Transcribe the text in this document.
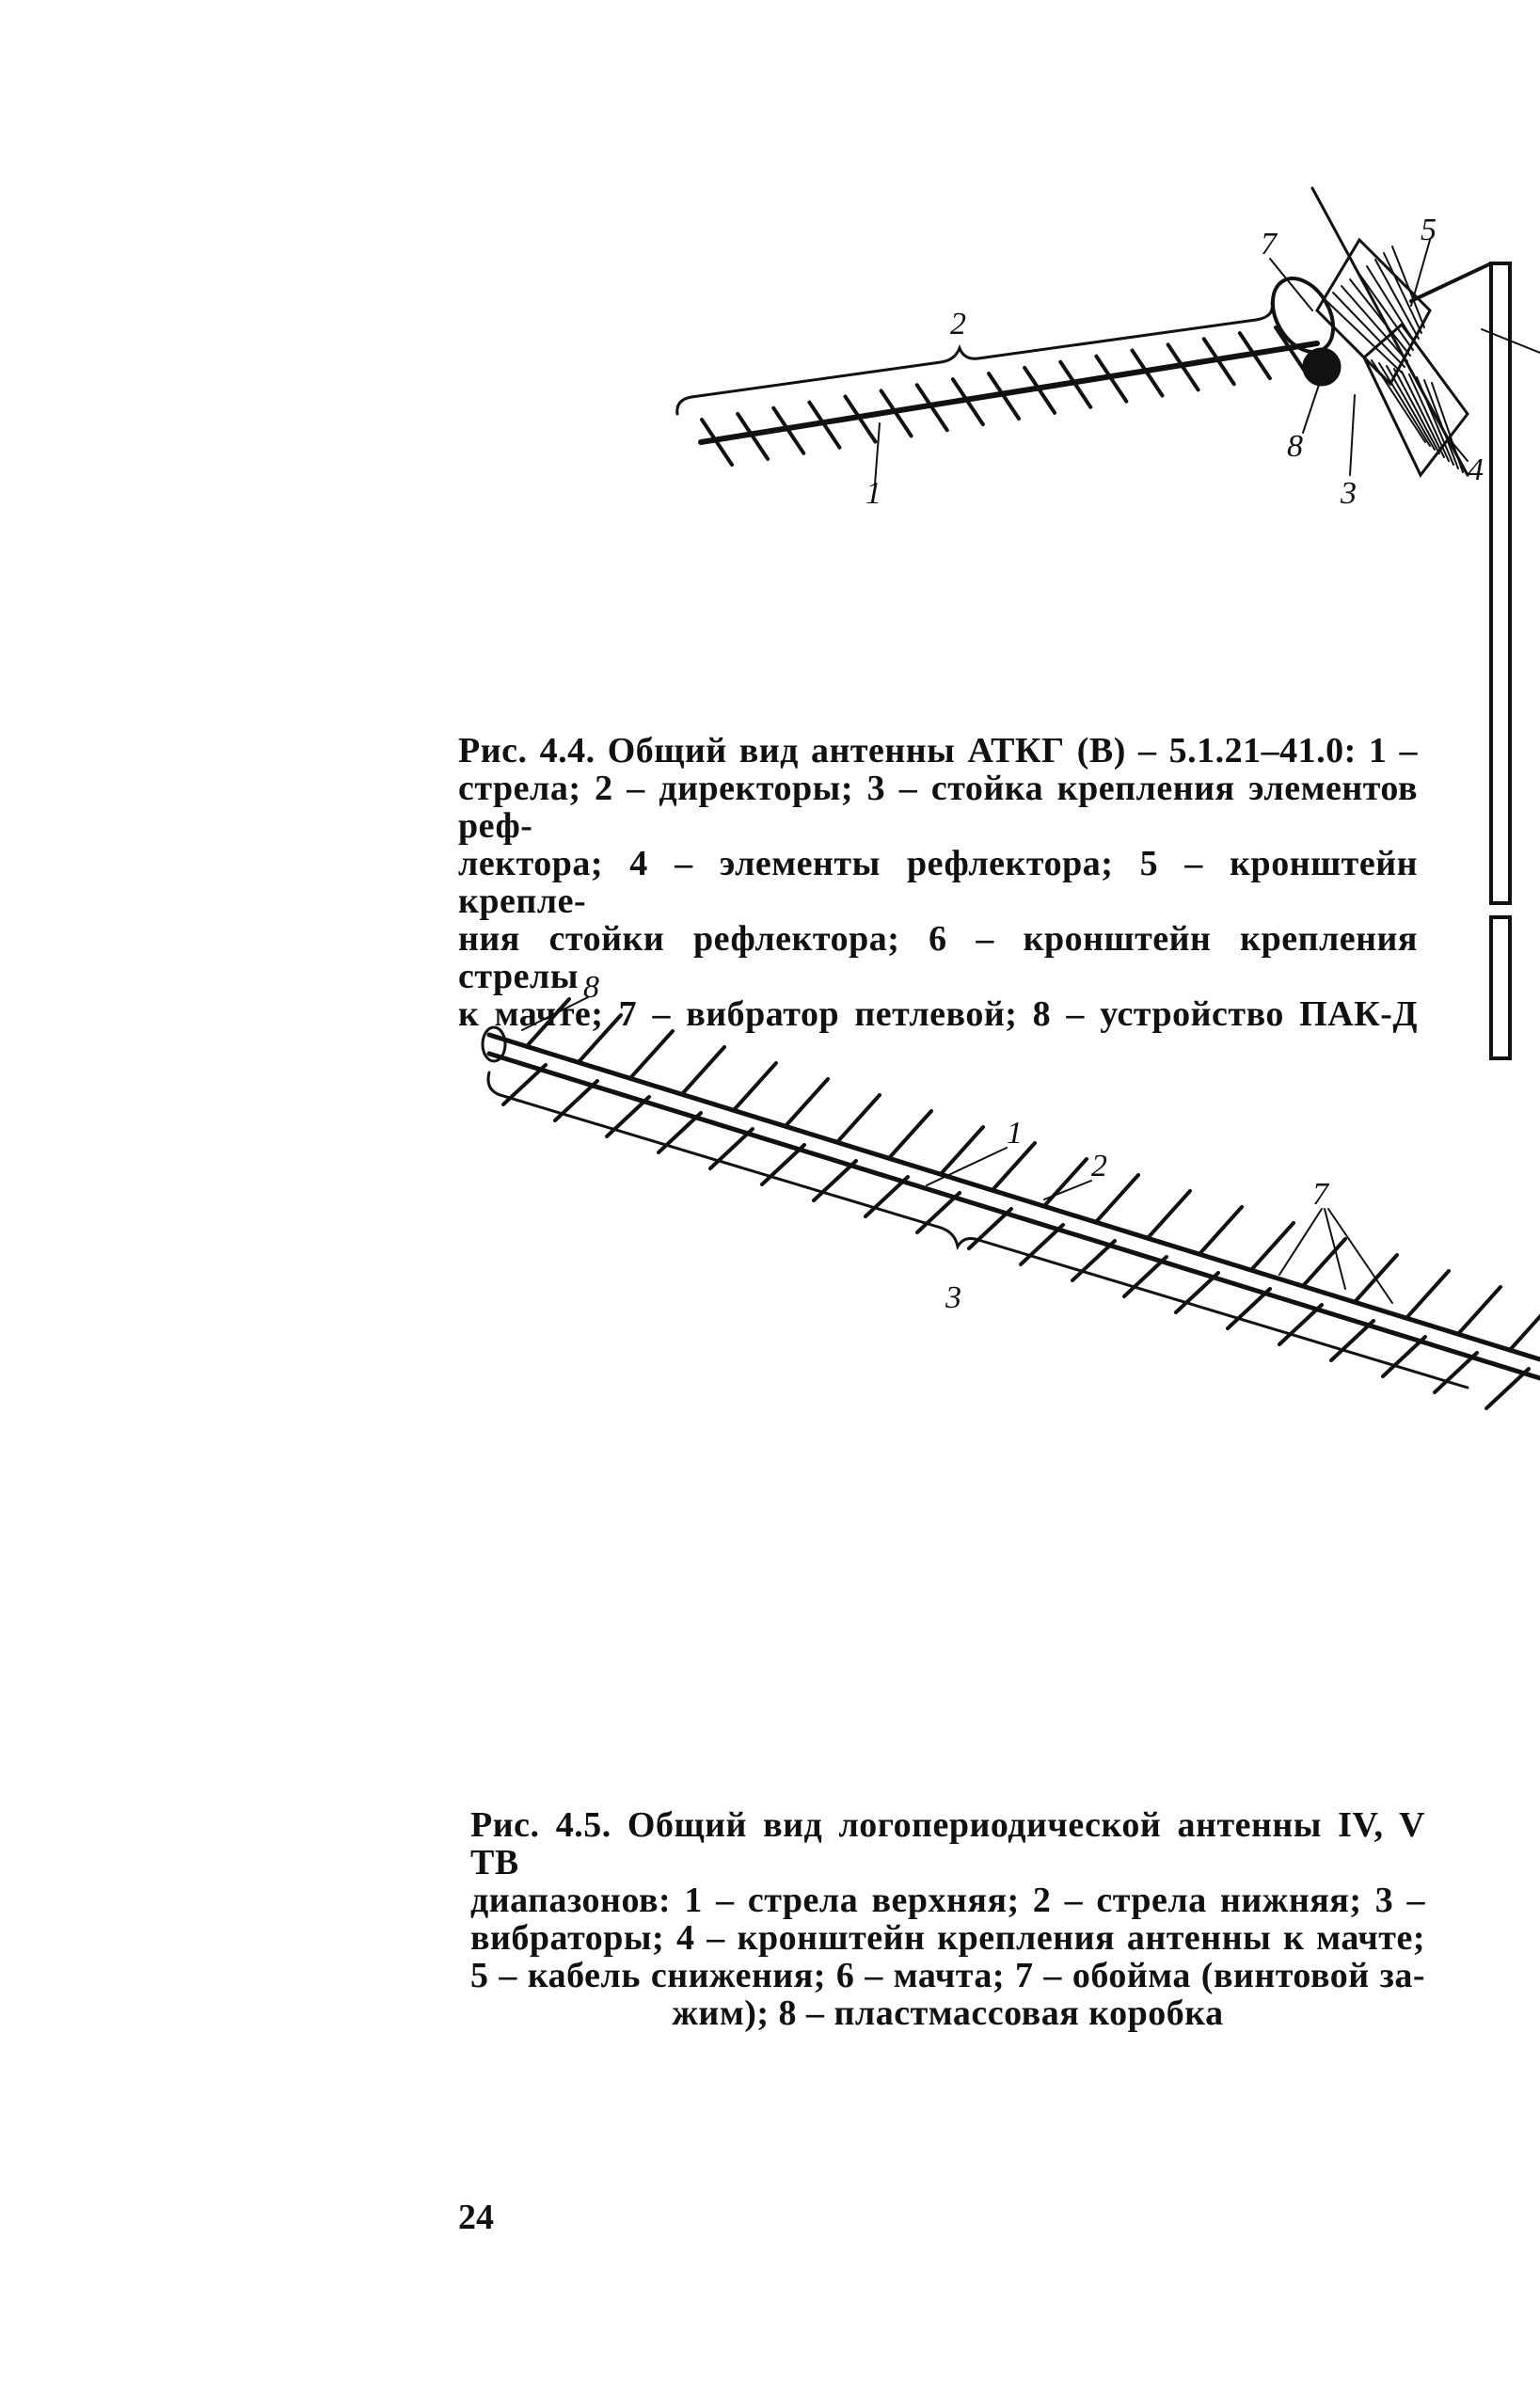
1
2
3
4
5
7
8

Рис. 4.4. Общий вид антенны АТКГ (В) – 5.1.21–41.0: 1 –

стрела; 2 – директоры; 3 – стойка крепления элементов реф-

лектора; 4 – элементы рефлектора; 5 – кронштейн крепле-

ния стойки рефлектора; 6 – кронштейн крепления стрелы

к мачте; 7 – вибратор петлевой; 8 – устройство ПАК-Д

8
1
2
3
7

Рис. 4.5. Общий вид логопериодической антенны IV, V ТВ

диапазонов: 1 – стрела верхняя; 2 – стрела нижняя; 3 –

вибраторы; 4 – кронштейн крепления антенны к мачте;

5 – кабель снижения; 6 – мачта; 7 – обойма (винтовой за-

жим); 8 – пластмассовая коробка

24
